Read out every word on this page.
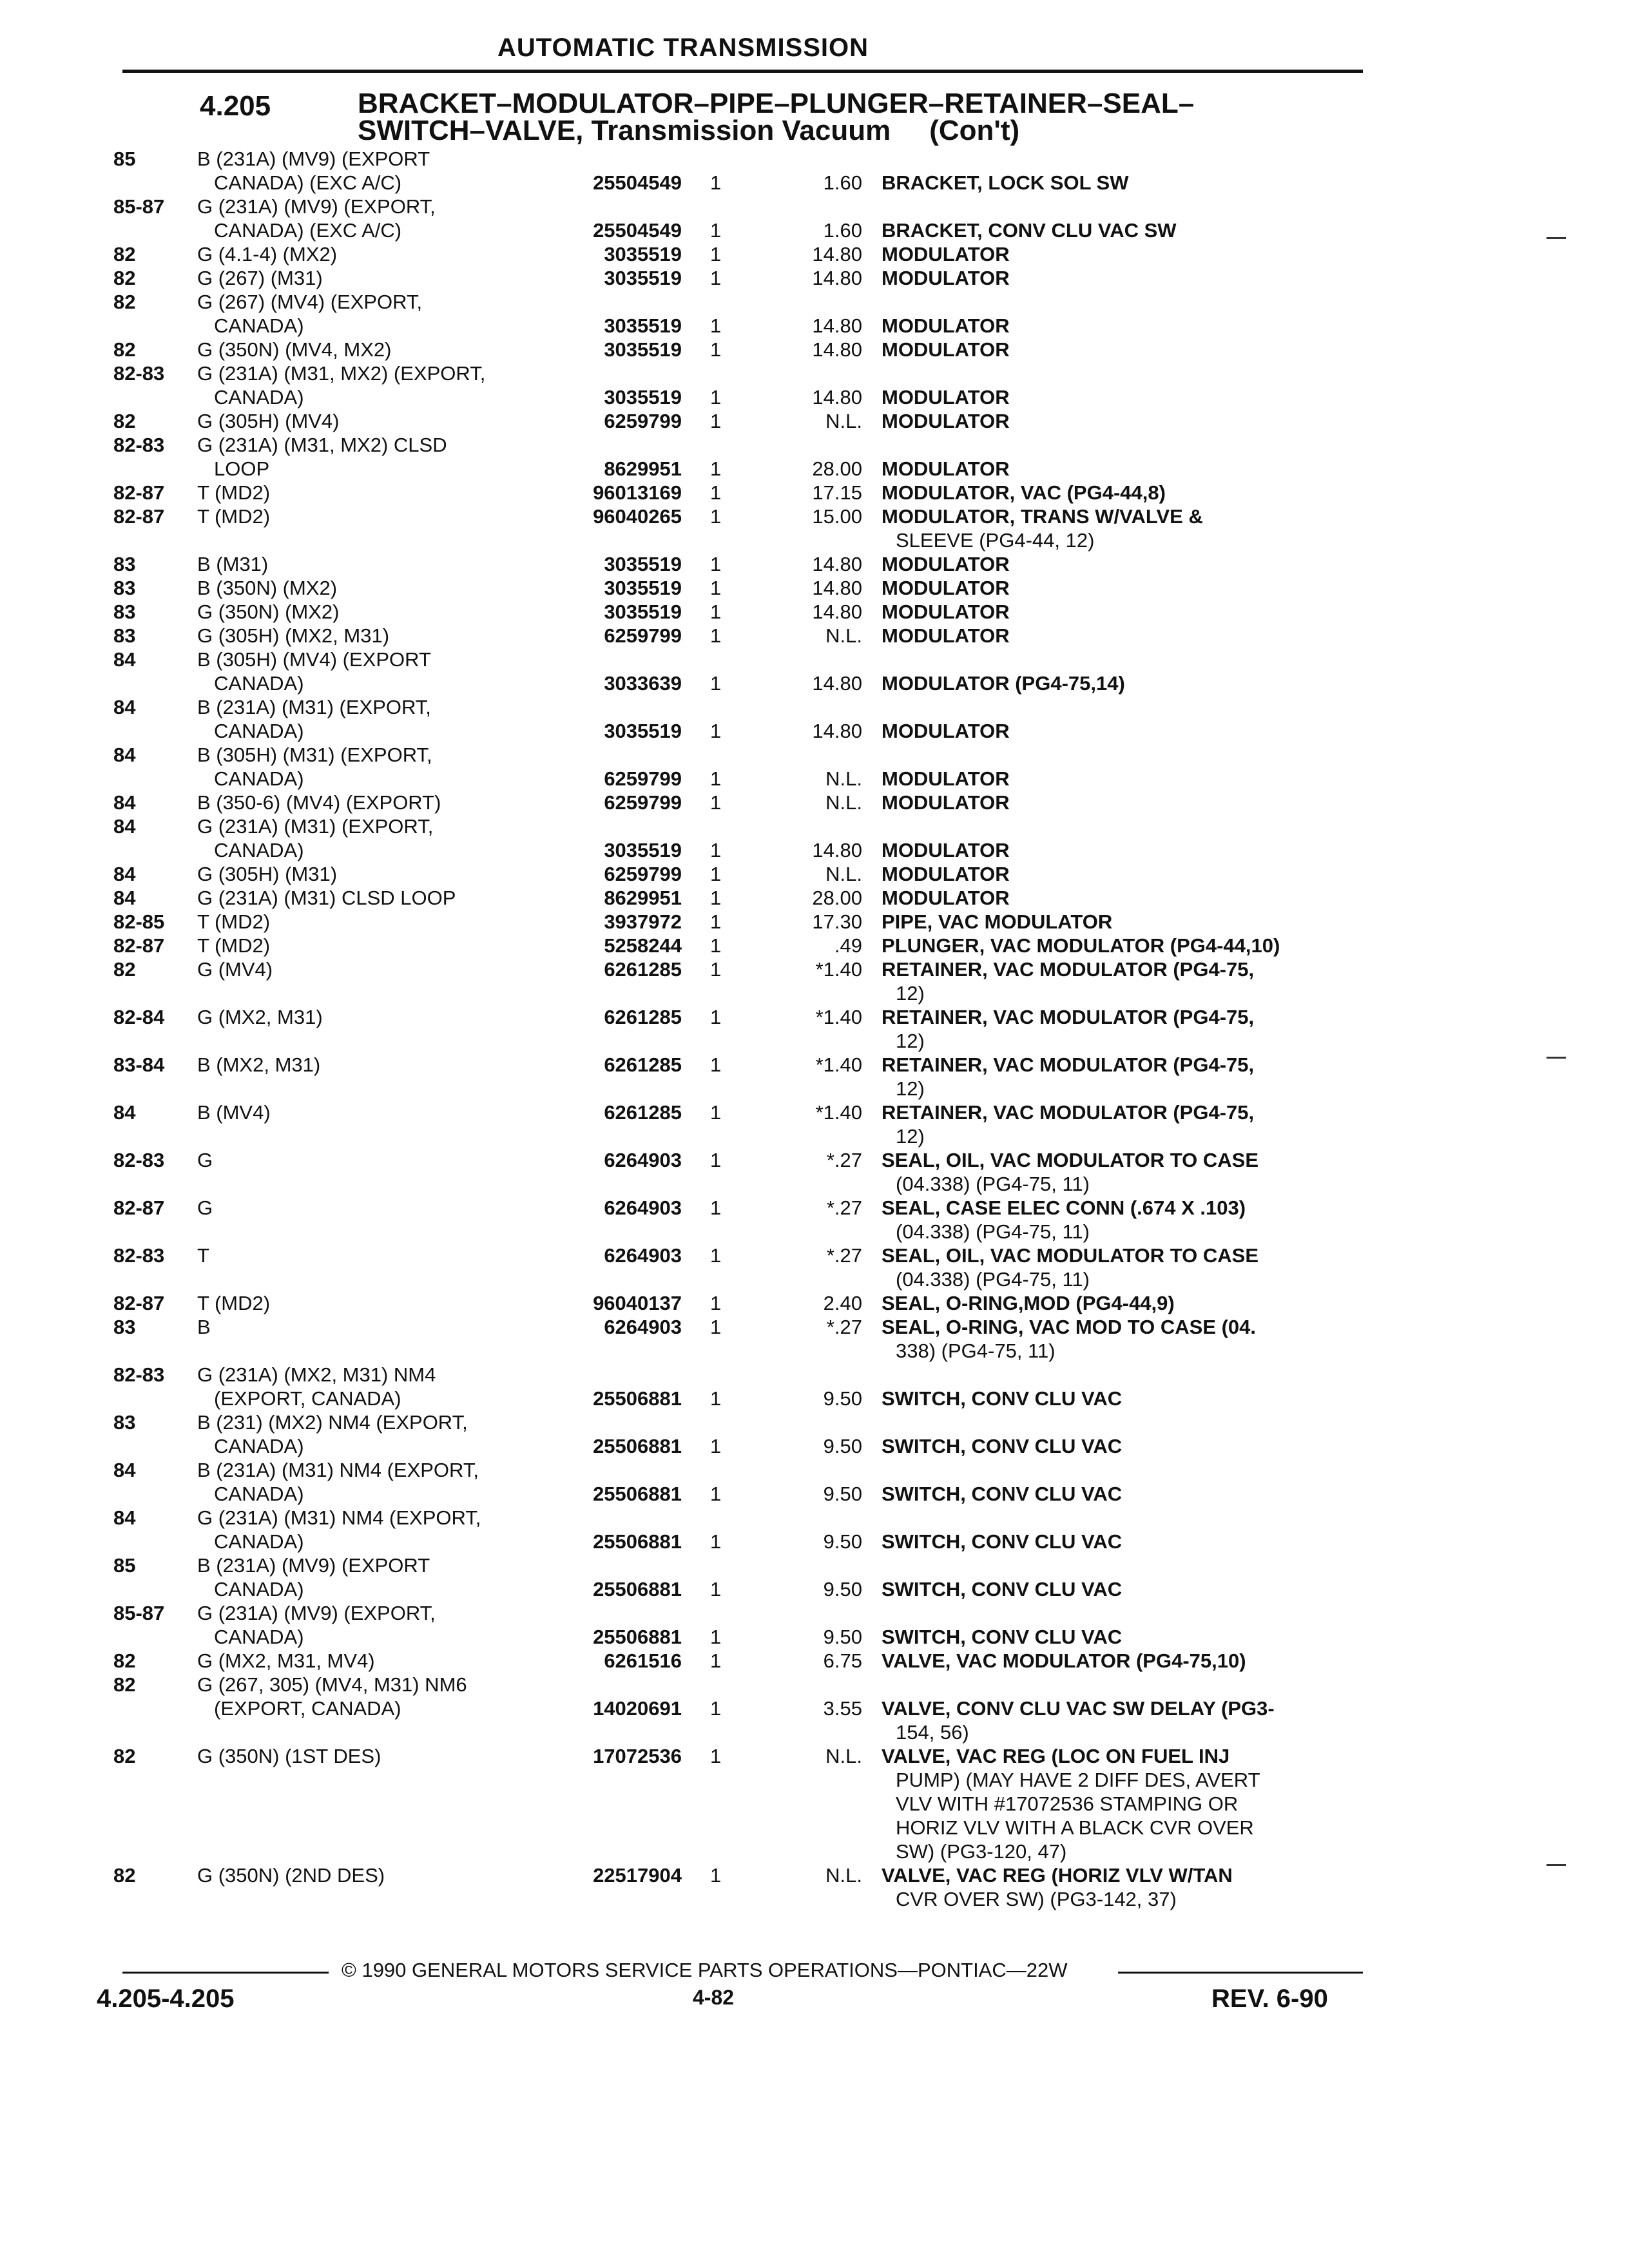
AUTOMATIC TRANSMISSION
4.205	BRACKET–MODULATOR–PIPE–PLUNGER–RETAINER–SEAL–
SWITCH–VALVE, Transmission Vacuum (Con't)
85	B (231A) (MV9) (EXPORT
CANADA) (EXC A/C)	25504549 1	1.60 BRACKET, LOCK SOL SW
85-87 G (231A) (MV9) (EXPORT,
CANADA) (EXC A/C)	25504549 1	1.60 BRACKET, CONV CLU VAC SW
82	G (4.1-4) (MX2)	3035519 1	14.80 MODULATOR
82	G (267) (M31)	3035519 1	14.80 MODULATOR
82	G (267) (MV4) (EXPORT,
CANADA)	3035519 1	14.80 MODULATOR
82	G (350N) (MV4, MX2)	3035519 1	14.80 MODULATOR
82-83 G (231A) (M31, MX2) (EXPORT,
CANADA)	3035519 1	14.80 MODULATOR
82	G (305H) (MV4)	6259799 1	N.L. MODULATOR
82-83 G (231A) (M31, MX2) CLSD
LOOP	8629951 1	28.00 MODULATOR
82-87 T (MD2)	96013169 1	17.15 MODULATOR, VAC (PG4-44,8)
82-87 T (MD2)	96040265 1	15.00 MODULATOR, TRANS W/VALVE &
SLEEVE (PG4-44, 12)
83	B (M31)	3035519 1	14.80 MODULATOR
83	B (350N) (MX2)	3035519 1	14.80 MODULATOR
83	G (350N) (MX2)	3035519 1	14.80 MODULATOR
83	G (305H) (MX2, M31)	6259799 1	N.L. MODULATOR
84	B (305H) (MV4) (EXPORT
CANADA)	3033639 1	14.80 MODULATOR (PG4-75,14)
84	B (231A) (M31) (EXPORT,
CANADA)	3035519 1	14.80 MODULATOR
84	B (305H) (M31) (EXPORT,
CANADA)	6259799 1	N.L. MODULATOR
84	B (350-6) (MV4) (EXPORT)	6259799 1	N.L. MODULATOR
84	G (231A) (M31) (EXPORT,
CANADA)	3035519 1	14.80 MODULATOR
84	G (305H) (M31)	6259799 1	N.L. MODULATOR
84	G (231A) (M31) CLSD LOOP	8629951 1	28.00 MODULATOR
82-85 T (MD2)	3937972 1	17.30 PIPE, VAC MODULATOR
82-87 T (MD2)	5258244 1	.49 PLUNGER, VAC MODULATOR (PG4-44,10)
82	G (MV4)	6261285 1	*1.40 RETAINER, VAC MODULATOR (PG4-75,
12)
82-84 G (MX2, M31)	6261285 1	*1.40 RETAINER, VAC MODULATOR (PG4-75,
12)
83-84 B (MX2, M31)	6261285 1	*1.40 RETAINER, VAC MODULATOR (PG4-75,
12)
84	B (MV4)	6261285 1	*1.40 RETAINER, VAC MODULATOR (PG4-75,
12)
82-83 G	6264903 1	*.27 SEAL, OIL, VAC MODULATOR TO CASE
(04.338) (PG4-75, 11)
82-87 G	6264903 1	*.27 SEAL, CASE ELEC CONN (.674 X .103)
(04.338) (PG4-75, 11)
82-83 T	6264903 1	*.27 SEAL, OIL, VAC MODULATOR TO CASE
(04.338) (PG4-75, 11)
82-87 T (MD2)	96040137 1	2.40 SEAL, O-RING,MOD (PG4-44,9)
83	B	6264903 1	*.27 SEAL, O-RING, VAC MOD TO CASE (04.
338) (PG4-75, 11)
82-83 G (231A) (MX2, M31) NM4
(EXPORT, CANADA)	25506881 1	9.50 SWITCH, CONV CLU VAC
83	B (231) (MX2) NM4 (EXPORT,
CANADA)	25506881 1	9.50 SWITCH, CONV CLU VAC
84	B (231A) (M31) NM4 (EXPORT,
CANADA)	25506881 1	9.50 SWITCH, CONV CLU VAC
84	G (231A) (M31) NM4 (EXPORT,
CANADA)	25506881 1	9.50 SWITCH, CONV CLU VAC
85	B (231A) (MV9) (EXPORT
CANADA)	25506881 1	9.50 SWITCH, CONV CLU VAC
85-87 G (231A) (MV9) (EXPORT,
CANADA)	25506881 1	9.50 SWITCH, CONV CLU VAC
82	G (MX2, M31, MV4)	6261516 1	6.75 VALVE, VAC MODULATOR (PG4-75,10)
82	G (267, 305) (MV4, M31) NM6
(EXPORT, CANADA)	14020691 1	3.55 VALVE, CONV CLU VAC SW DELAY (PG3-
154, 56)
82	G (350N) (1ST DES)	17072536 1	N.L. VALVE, VAC REG (LOC ON FUEL INJ
PUMP) (MAY HAVE 2 DIFF DES, AVERT
VLV WITH #17072536 STAMPING OR
HORIZ VLV WITH A BLACK CVR OVER
SW) (PG3-120, 47)
82	G (350N) (2ND DES)	22517904 1	N.L. VALVE, VAC REG (HORIZ VLV W/TAN
CVR OVER SW) (PG3-142, 37)
© 1990 GENERAL MOTORS SERVICE PARTS OPERATIONS—PONTIAC—22W
4.205-4.205	4-82	REV. 6-90
